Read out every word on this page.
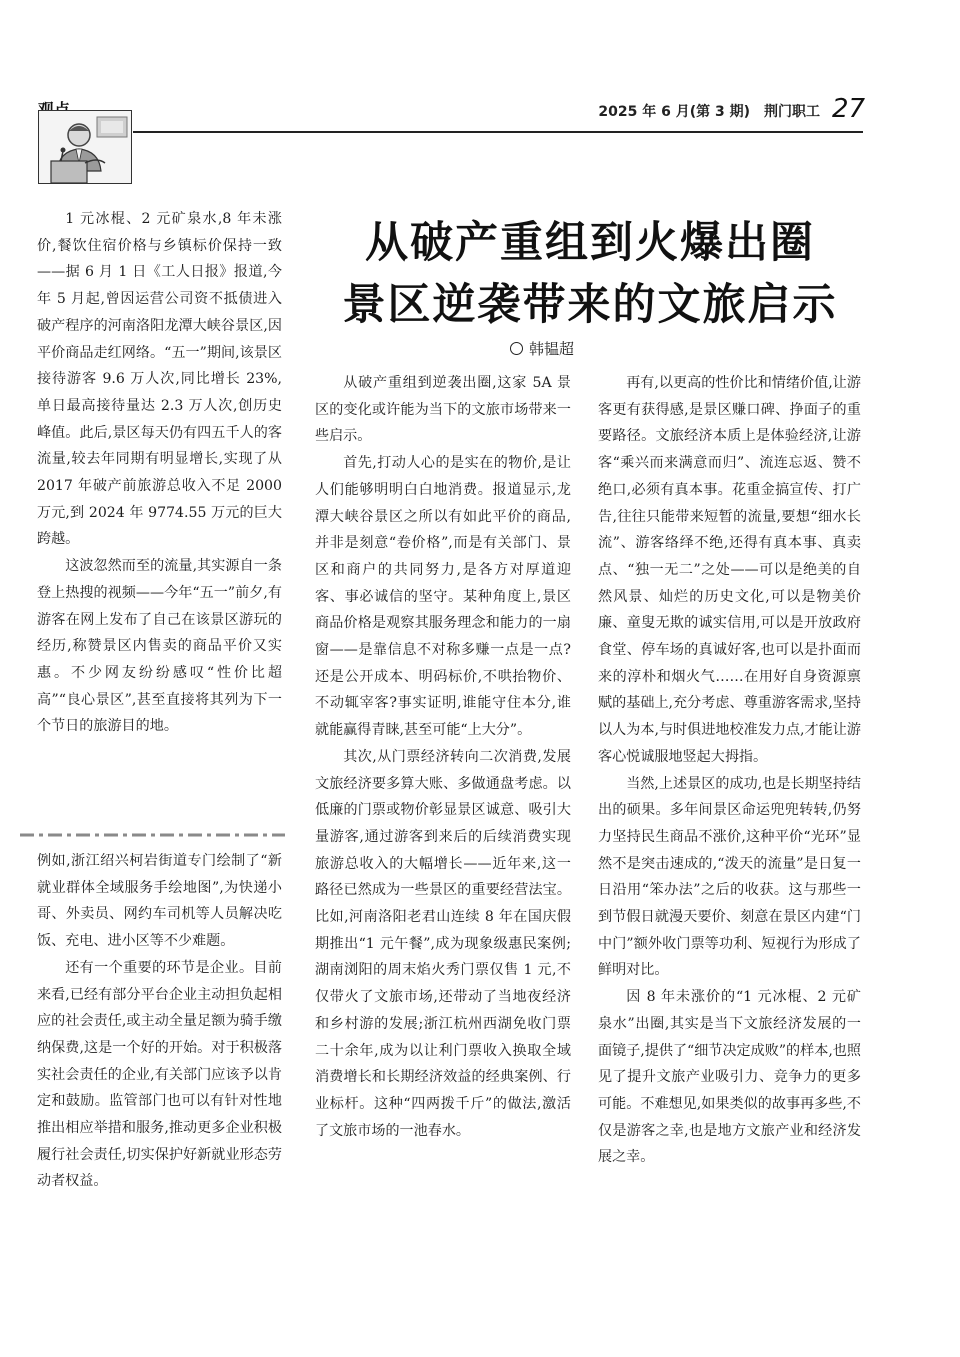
2025 年 6 月(第 3 期) 荆门职工 27

1 元冰棍、2 元矿泉水,8 年未涨价,餐饮住宿价格与乡镇标价保持一致——据 6 月 1 日《工人日报》报道,今年 5 月起,曾因运营公司资不抵债进入破产程序的河南洛阳龙潭大峡谷景区,因平价商品走红网络。“五一”期间,该景区接待游客 9.6 万人次,同比增长 23%,单日最高接待量达 2.3 万人次,创历史峰值。此后,景区每天仍有四五千人的客流量,较去年同期有明显增长,实现了从 2017 年破产前旅游总收入不足 2000 万元,到 2024 年 9774.55 万元的巨大跨越。

这波忽然而至的流量,其实源自一条登上热搜的视频——今年“五一”前夕,有游客在网上发布了自己在该景区游玩的经历,称赞景区内售卖的商品平价又实惠。不少网友纷纷感叹“性价比超高”“良心景区”,甚至直接将其列为下一个节日的旅游目的地。

例如,浙江绍兴柯岩街道专门绘制了“新就业群体全域服务手绘地图”,为快递小哥、外卖员、网约车司机等人员解决吃饭、充电、进小区等不少难题。

还有一个重要的环节是企业。目前来看,已经有部分平台企业主动担负起相应的社会责任,或主动全量足额为骑手缴纳保费,这是一个好的开始。对于积极落实社会责任的企业,有关部门应该予以肯定和鼓励。监管部门也可以有针对性地推出相应举措和服务,推动更多企业积极履行社会责任,切实保护好新就业形态劳动者权益。

从破产重组到火爆出圈
景区逆袭带来的文旅启示
韩韫超

从破产重组到逆袭出圈,这家 5A 景区的变化或许能为当下的文旅市场带来一些启示。

首先,打动人心的是实在的物价,是让人们能够明明白白地消费。报道显示,龙潭大峡谷景区之所以有如此平价的商品,并非是刻意“卷价格”,而是有关部门、景区和商户的共同努力,是各方对厚道迎客、事必诚信的坚守。某种角度上,景区商品价格是观察其服务理念和能力的一扇窗——是靠信息不对称多赚一点是一点?还是公开成本、明码标价,不哄抬物价、不动辄宰客?事实证明,谁能守住本分,谁就能赢得青睐,甚至可能“上大分”。

其次,从门票经济转向二次消费,发展文旅经济要多算大账、多做通盘考虑。以低廉的门票或物价彰显景区诚意、吸引大量游客,通过游客到来后的后续消费实现旅游总收入的大幅增长——近年来,这一路径已然成为一些景区的重要经营法宝。比如,河南洛阳老君山连续 8 年在国庆假期推出“1 元午餐”,成为现象级惠民案例;湖南浏阳的周末焰火秀门票仅售 1 元,不仅带火了文旅市场,还带动了当地夜经济和乡村游的发展;浙江杭州西湖免收门票二十余年,成为以让利门票收入换取全域消费增长和长期经济效益的经典案例、行业标杆。这种“四两拨千斤”的做法,激活了文旅市场的一池春水。

再有,以更高的性价比和情绪价值,让游客更有获得感,是景区赚口碑、挣面子的重要路径。文旅经济本质上是体验经济,让游客“乘兴而来满意而归”、流连忘返、赞不绝口,必须有真本事。花重金搞宣传、打广告,往往只能带来短暂的流量,要想“细水长流”、游客络绎不绝,还得有真本事、真卖点、“独一无二”之处——可以是绝美的自然风景、灿烂的历史文化,可以是物美价廉、童叟无欺的诚实信用,可以是开放政府食堂、停车场的真诚好客,也可以是扑面而来的淳朴和烟火气……在用好自身资源禀赋的基础上,充分考虑、尊重游客需求,坚持以人为本,与时俱进地校准发力点,才能让游客心悦诚服地竖起大拇指。

当然,上述景区的成功,也是长期坚持结出的硕果。多年间景区命运兜兜转转,仍努力坚持民生商品不涨价,这种平价“光环”显然不是突击速成的,“泼天的流量”是日复一日沿用“笨办法”之后的收获。这与那些一到节假日就漫天要价、刻意在景区内建“门中门”额外收门票等功利、短视行为形成了鲜明对比。

因 8 年未涨价的“1 元冰棍、2 元矿泉水”出圈,其实是当下文旅经济发展的一面镜子,提供了“细节决定成败”的样本,也照见了提升文旅产业吸引力、竞争力的更多可能。不难想见,如果类似的故事再多些,不仅是游客之幸,也是地方文旅产业和经济发展之幸。
